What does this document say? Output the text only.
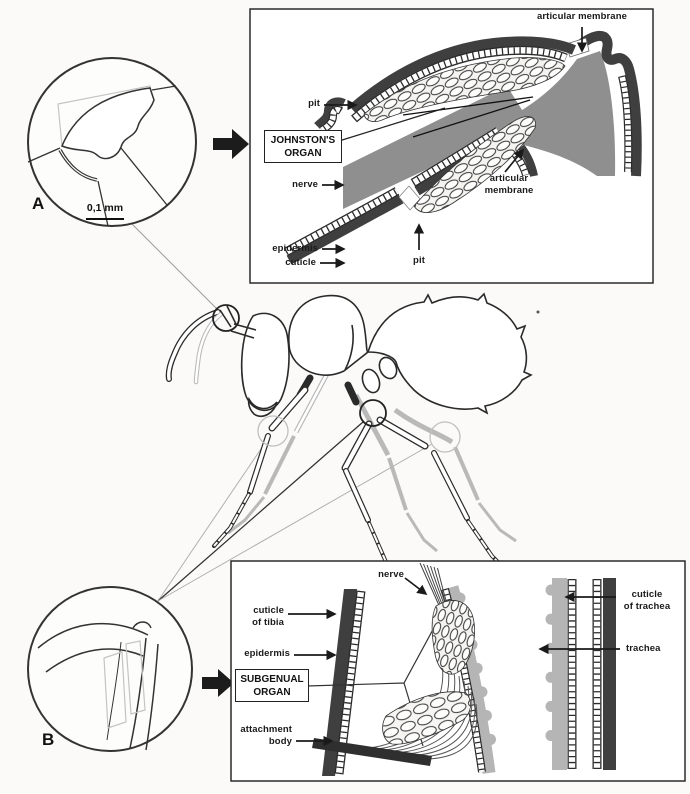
A	0,1 mm
B
articular membrane
pit
JOHNSTON'S
ORGAN
nerve
articular
membrane
epidermis
cuticle	pit
nerve
cuticle
of tibia
epidermis
SUBGENUAL
ORGAN
attachment
body
cuticle
of trachea
trachea
